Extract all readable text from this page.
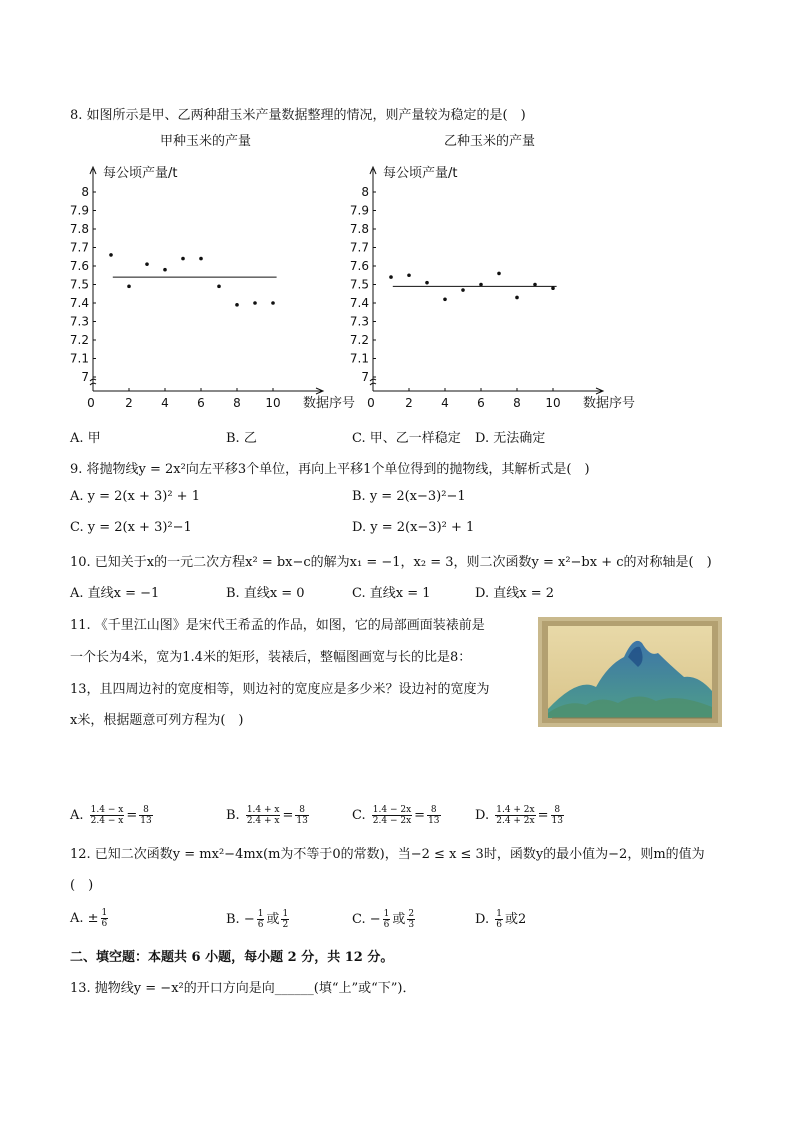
8. 如图所示是甲、乙两种甜玉米产量数据整理的情况，则产量较为稳定的是(　)
甲种玉米的产量	乙种玉米的产量
7
7.1
7.2
7.3
7.4
7.5
7.6
7.7
7.8
7.9
8
0	2 4 6 8 10
每公顷产量/t
数据序号
7
7.1
7.2
7.3
7.4
7.5
7.6
7.7
7.8
7.9
8
0	2 4 6 8 10
每公顷产量/t
数据序号
A. 甲	B. 乙	C. 甲、乙一样稳定 D. 无法确定
9. 将抛物线y = 2x²向左平移3个单位，再向上平移1个单位得到的抛物线，其解析式是(　)
A. y = 2(x + 3)² + 1	B. y = 2(x−3)²−1
C. y = 2(x + 3)²−1	D. y = 2(x−3)² + 1
10. 已知关于x的一元二次方程x² = bx−c的解为x₁ = −1，x₂ = 3，则二次函数y = x²−bx + c的对称轴是(　)
A. 直线x = −1	B. 直线x = 0	C. 直线x = 1	D. 直线x = 2
11. 《千里江山图》是宋代王希孟的作品，如图，它的局部画面装裱前是
一个长为4米，宽为1.4米的矩形，装裱后，整幅图画宽与长的比是8：
13，且四周边衬的宽度相等，则边衬的宽度应是多少米？设边衬的宽度为
x米，根据题意可列方程为(　)
A. $\frac{1.4 - x}{2.4 - x} = \frac{8}{13}$	B. $\frac{1.4 + x}{2.4 + x} = \frac{8}{13}$	C. $\frac{1.4 - 2x}{2.4 - 2x} = \frac{8}{13}$	D. $\frac{1.4 + 2x}{2.4 + 2x} = \frac{8}{13}$
12. 已知二次函数y = mx²−4mx(m为不等于0的常数)，当−2 ≤ x ≤ 3时，函数y的最小值为−2，则m的值为
(　)
A. ± $\frac{1}{6}$	B. − $\frac{1}{6}$ 或 $\frac{1}{2}$	C. − $\frac{1}{6}$ 或 $\frac{2}{3}$	D. $\frac{1}{6}$ 或2
二、填空题：本题共 6 小题，每小题 2 分，共 12 分。
13. 抛物线y = −x²的开口方向是向______(填“上”或“下”)．
